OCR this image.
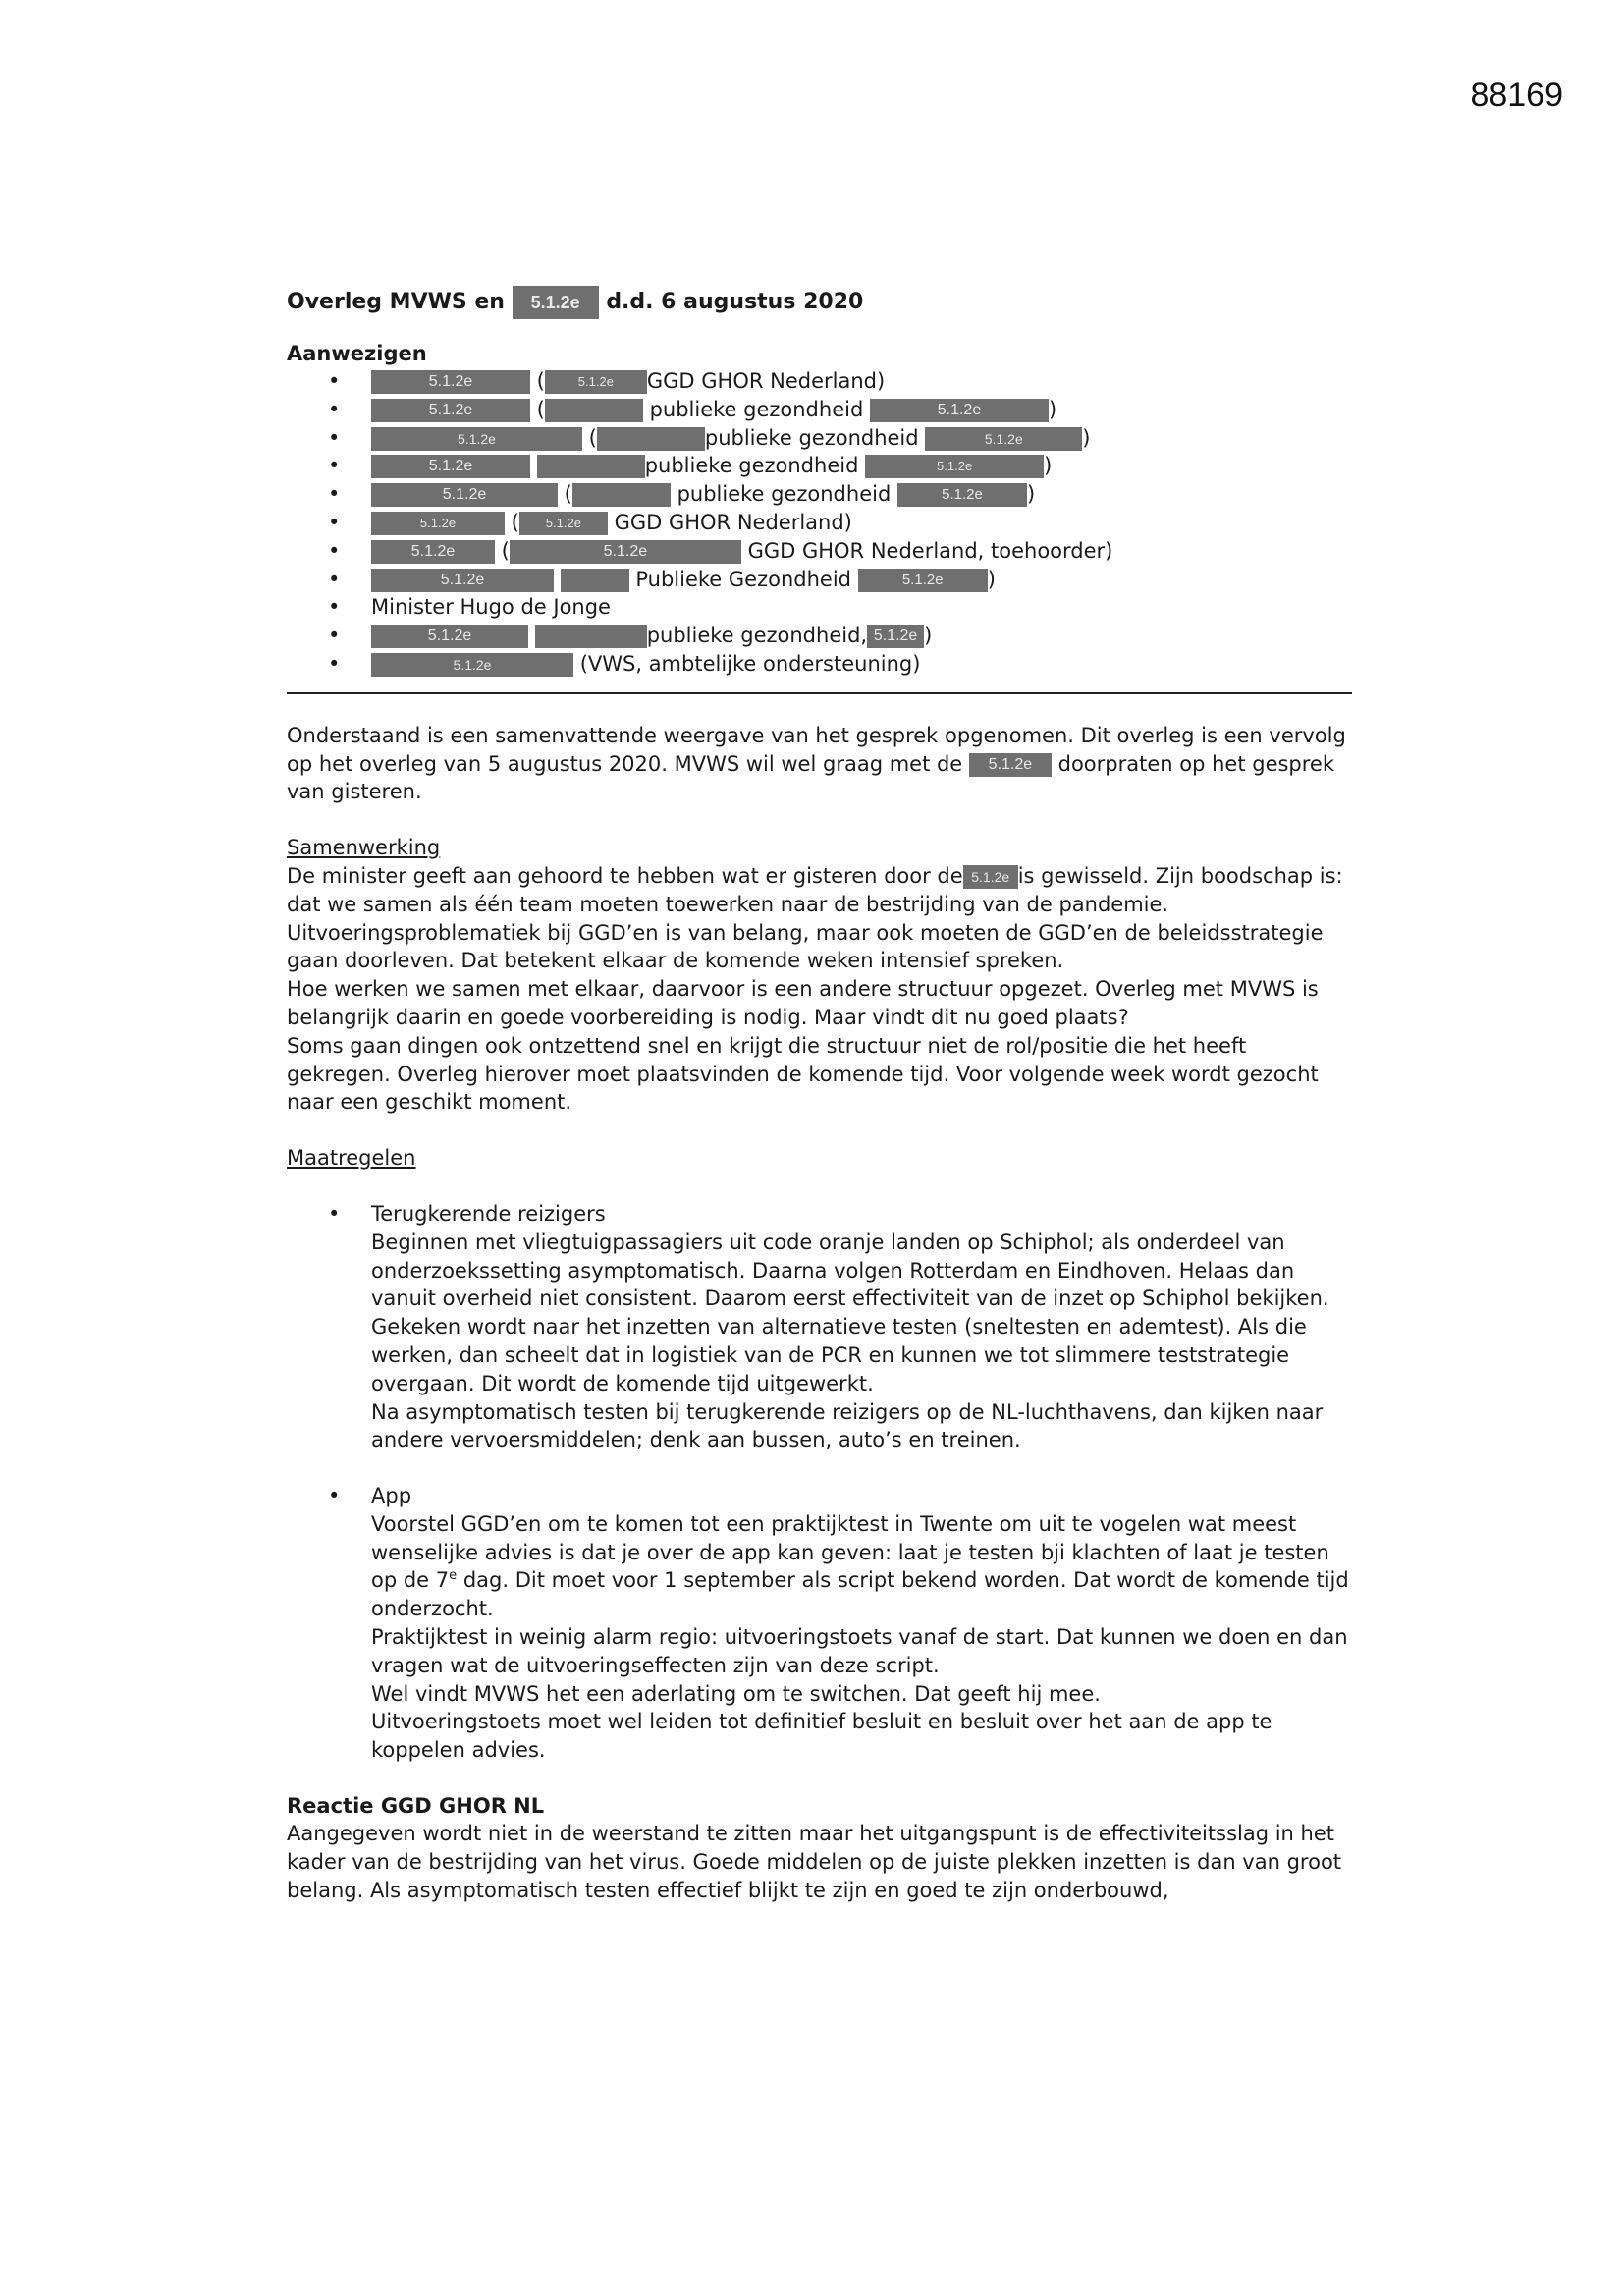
88169
Overleg MVWS en 5.1.2e d.d. 6 augustus 2020
Aanwezigen
• 5.1.2e	(	5.1.2e GGD GHOR Nederland)
• 5.1.2e	(	publieke gezondheid	5.1.2e	)
• 5.1.2e	(	publieke gezondheid	5.1.2e	)
• 5.1.2e	publieke gezondheid	5.1.2e	)
• 5.1.2e	(	publieke gezondheid	5.1.2e )
• 5.1.2e ( 5.1.2e GGD GHOR Nederland)
• 5.1.2e (	5.1.2e	GGD GHOR Nederland, toehoorder)
• 5.1.2e	Publieke Gezondheid	5.1.2e )
• Minister Hugo de Jonge
• 5.1.2e	publieke gezondheid, 5.1.2e )
• 5.1.2e	(VWS, ambtelijke ondersteuning)

Onderstaand is een samenvattende weergave van het gesprek opgenomen. Dit overleg is een vervolg op het overleg van 5 augustus 2020. MVWS wil wel graag met de 5.1.2e doorpraten op het gesprek van gisteren.

Samenwerking
De minister geeft aan gehoord te hebben wat er gisteren door de 5.1.2e is gewisseld. Zijn boodschap is: dat we samen als één team moeten toewerken naar de bestrijding van de pandemie.
Uitvoeringsproblematiek bij GGD’en is van belang, maar ook moeten de GGD’en de beleidsstrategie gaan doorleven. Dat betekent elkaar de komende weken intensief spreken.
Hoe werken we samen met elkaar, daarvoor is een andere structuur opgezet. Overleg met MVWS is belangrijk daarin en goede voorbereiding is nodig. Maar vindt dit nu goed plaats?
Soms gaan dingen ook ontzettend snel en krijgt die structuur niet de rol/positie die het heeft gekregen. Overleg hierover moet plaatsvinden de komende tijd. Voor volgende week wordt gezocht naar een geschikt moment.
Maatregelen
• Terugkerende reizigers
Beginnen met vliegtuigpassagiers uit code oranje landen op Schiphol; als onderdeel van onderzoekssetting asymptomatisch. Daarna volgen Rotterdam en Eindhoven. Helaas dan vanuit overheid niet consistent. Daarom eerst effectiviteit van de inzet op Schiphol bekijken. Gekeken wordt naar het inzetten van alternatieve testen (sneltesten en ademtest). Als die werken, dan scheelt dat in logistiek van de PCR en kunnen we tot slimmere teststrategie overgaan. Dit wordt de komende tijd uitgewerkt.
Na asymptomatisch testen bij terugkerende reizigers op de NL-luchthavens, dan kijken naar andere vervoersmiddelen; denk aan bussen, auto’s en treinen.
• App
Voorstel GGD’en om te komen tot een praktijktest in Twente om uit te vogelen wat meest wenselijke advies is dat je over de app kan geven: laat je testen bji klachten of laat je testen op de 7e dag. Dit moet voor 1 september als script bekend worden. Dat wordt de komende tijd onderzocht.
Praktijktest in weinig alarm regio: uitvoeringstoets vanaf de start. Dat kunnen we doen en dan vragen wat de uitvoeringseffecten zijn van deze script.
Wel vindt MVWS het een aderlating om te switchen. Dat geeft hij mee.
Uitvoeringstoets moet wel leiden tot definitief besluit en besluit over het aan de app te koppelen advies.
Reactie GGD GHOR NL

Aangegeven wordt niet in de weerstand te zitten maar het uitgangspunt is de effectiviteitsslag in het kader van de bestrijding van het virus. Goede middelen op de juiste plekken inzetten is dan van groot belang. Als asymptomatisch testen effectief blijkt te zijn en goed te zijn onderbouwd,
